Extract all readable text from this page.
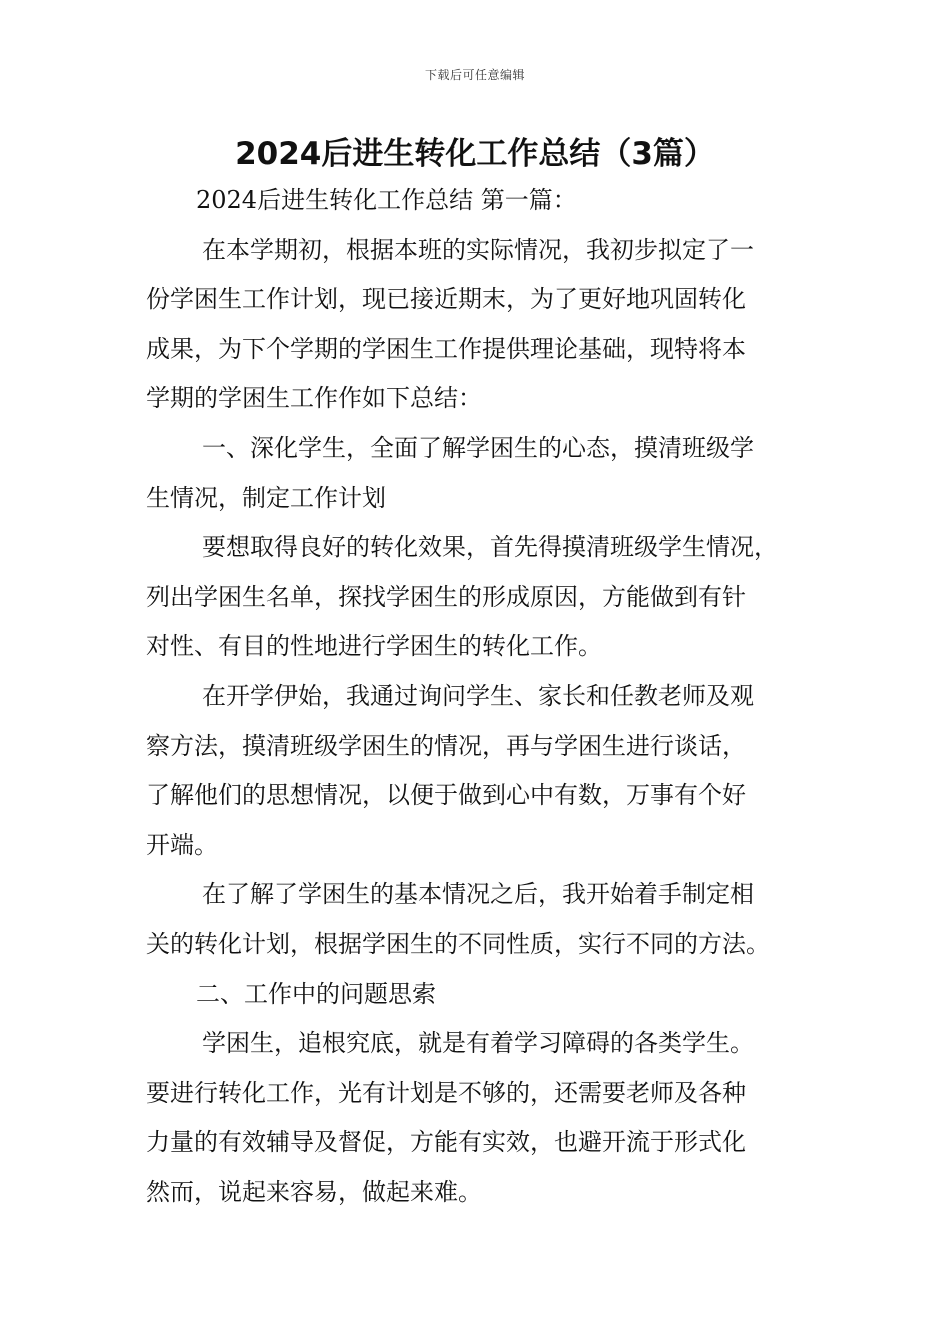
下载后可任意编辑
2024后进生转化工作总结（3篇）

2024后进生转化工作总结 第一篇：

在本学期初，根据本班的实际情况，我初步拟定了一

份学困生工作计划，现已接近期末，为了更好地巩固转化

成果，为下个学期的学困生工作提供理论基础，现特将本

学期的学困生工作作如下总结：

一、深化学生，全面了解学困生的心态，摸清班级学

生情况，制定工作计划

要想取得良好的转化效果，首先得摸清班级学生情况，

列出学困生名单，探找学困生的形成原因，方能做到有针

对性、有目的性地进行学困生的转化工作。

在开学伊始，我通过询问学生、家长和任教老师及观

察方法，摸清班级学困生的情况，再与学困生进行谈话，

了解他们的思想情况，以便于做到心中有数，万事有个好

开端。

在了解了学困生的基本情况之后，我开始着手制定相

关的转化计划，根据学困生的不同性质，实行不同的方法。

二、工作中的问题思索

学困生，追根究底，就是有着学习障碍的各类学生。

要进行转化工作，光有计划是不够的，还需要老师及各种

力量的有效辅导及督促，方能有实效，也避开流于形式化

然而，说起来容易，做起来难。
